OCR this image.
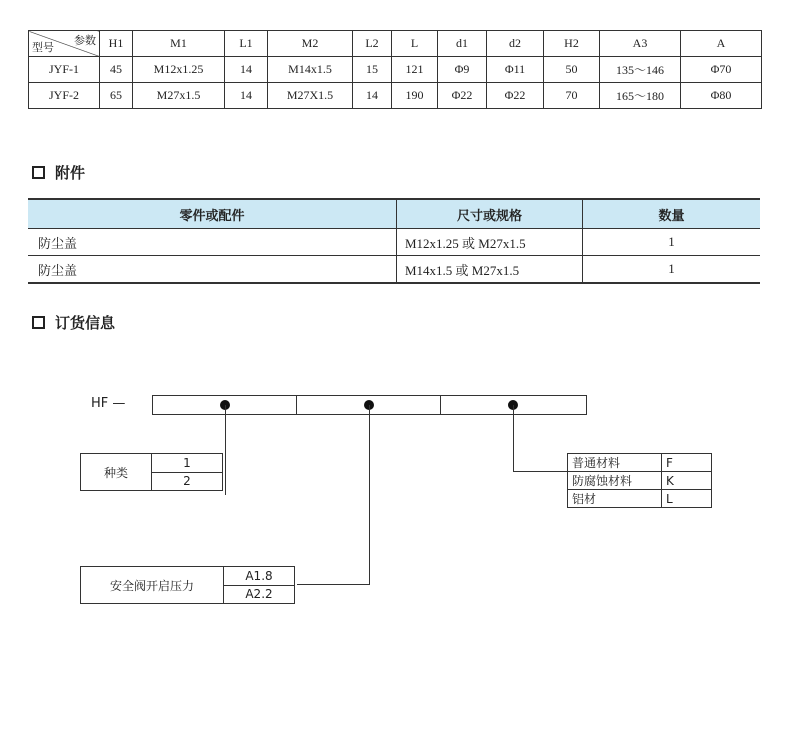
参数
型号	H1	M1	L1	M2	L2	L	d1	d2	H2	A3	A
JYF-1	45	M12x1.25	14	M14x1.5	15	121	Φ9	Φ11	50	135～146	Φ70
JYF-2	65	M27x1.5	14	M27X1.5	14	190	Φ22	Φ22	70	165～180	Φ80
附件
零件或配件	尺寸或规格	数量
防尘盖	M12x1.25 或 M27x1.5	1
防尘盖	M14x1.5 或 M27x1.5	1
订货信息
HF —
种类	1
2
安全阀开启压力	A1.8
A2.2
普通材料	F
防腐蚀材料	K
铝材	L
